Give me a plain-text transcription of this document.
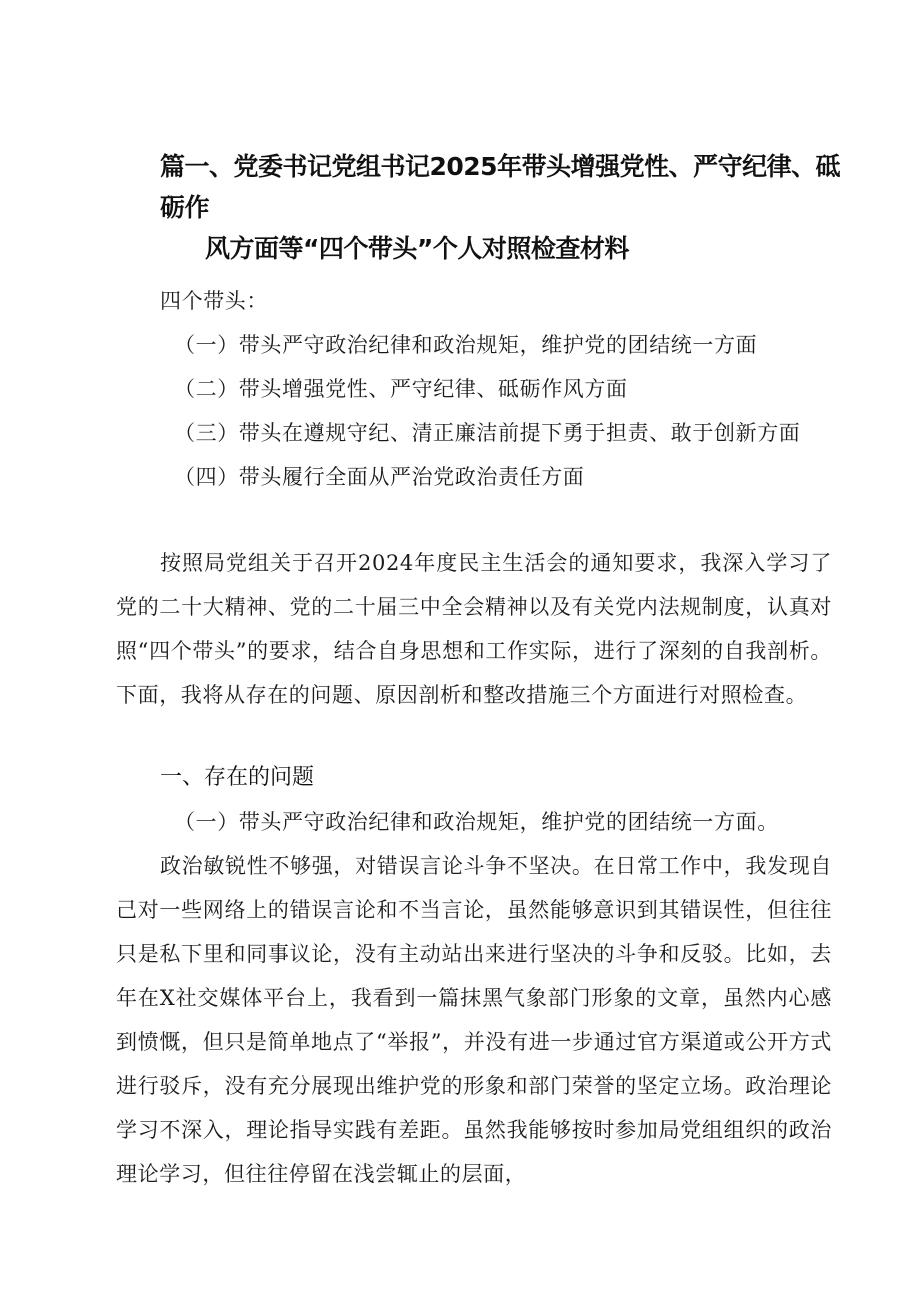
篇一、党委书记党组书记2025年带头增强党性、严守纪律、砥砺作
风方面等“四个带头”个人对照检查材料

四个带头：

（一）带头严守政治纪律和政治规矩，维护党的团结统一方面

（二）带头增强党性、严守纪律、砥砺作风方面

（三）带头在遵规守纪、清正廉洁前提下勇于担责、敢于创新方面

（四）带头履行全面从严治党政治责任方面

按照局党组关于召开2024年度民主生活会的通知要求，我深入学习了党的二十大精神、党的二十届三中全会精神以及有关党内法规制度，认真对照“四个带头”的要求，结合自身思想和工作实际，进行了深刻的自我剖析。下面，我将从存在的问题、原因剖析和整改措施三个方面进行对照检查。

一、存在的问题

（一）带头严守政治纪律和政治规矩，维护党的团结统一方面。

政治敏锐性不够强，对错误言论斗争不坚决。在日常工作中，我发现自己对一些网络上的错误言论和不当言论，虽然能够意识到其错误性，但往往只是私下里和同事议论，没有主动站出来进行坚决的斗争和反驳。比如，去年在X社交媒体平台上，我看到一篇抹黑气象部门形象的文章，虽然内心感到愤慨，但只是简单地点了“举报”，并没有进一步通过官方渠道或公开方式进行驳斥，没有充分展现出维护党的形象和部门荣誉的坚定立场。政治理论学习不深入，理论指导实践有差距。虽然我能够按时参加局党组组织的政治理论学习，但往往停留在浅尝辄止的层面，
